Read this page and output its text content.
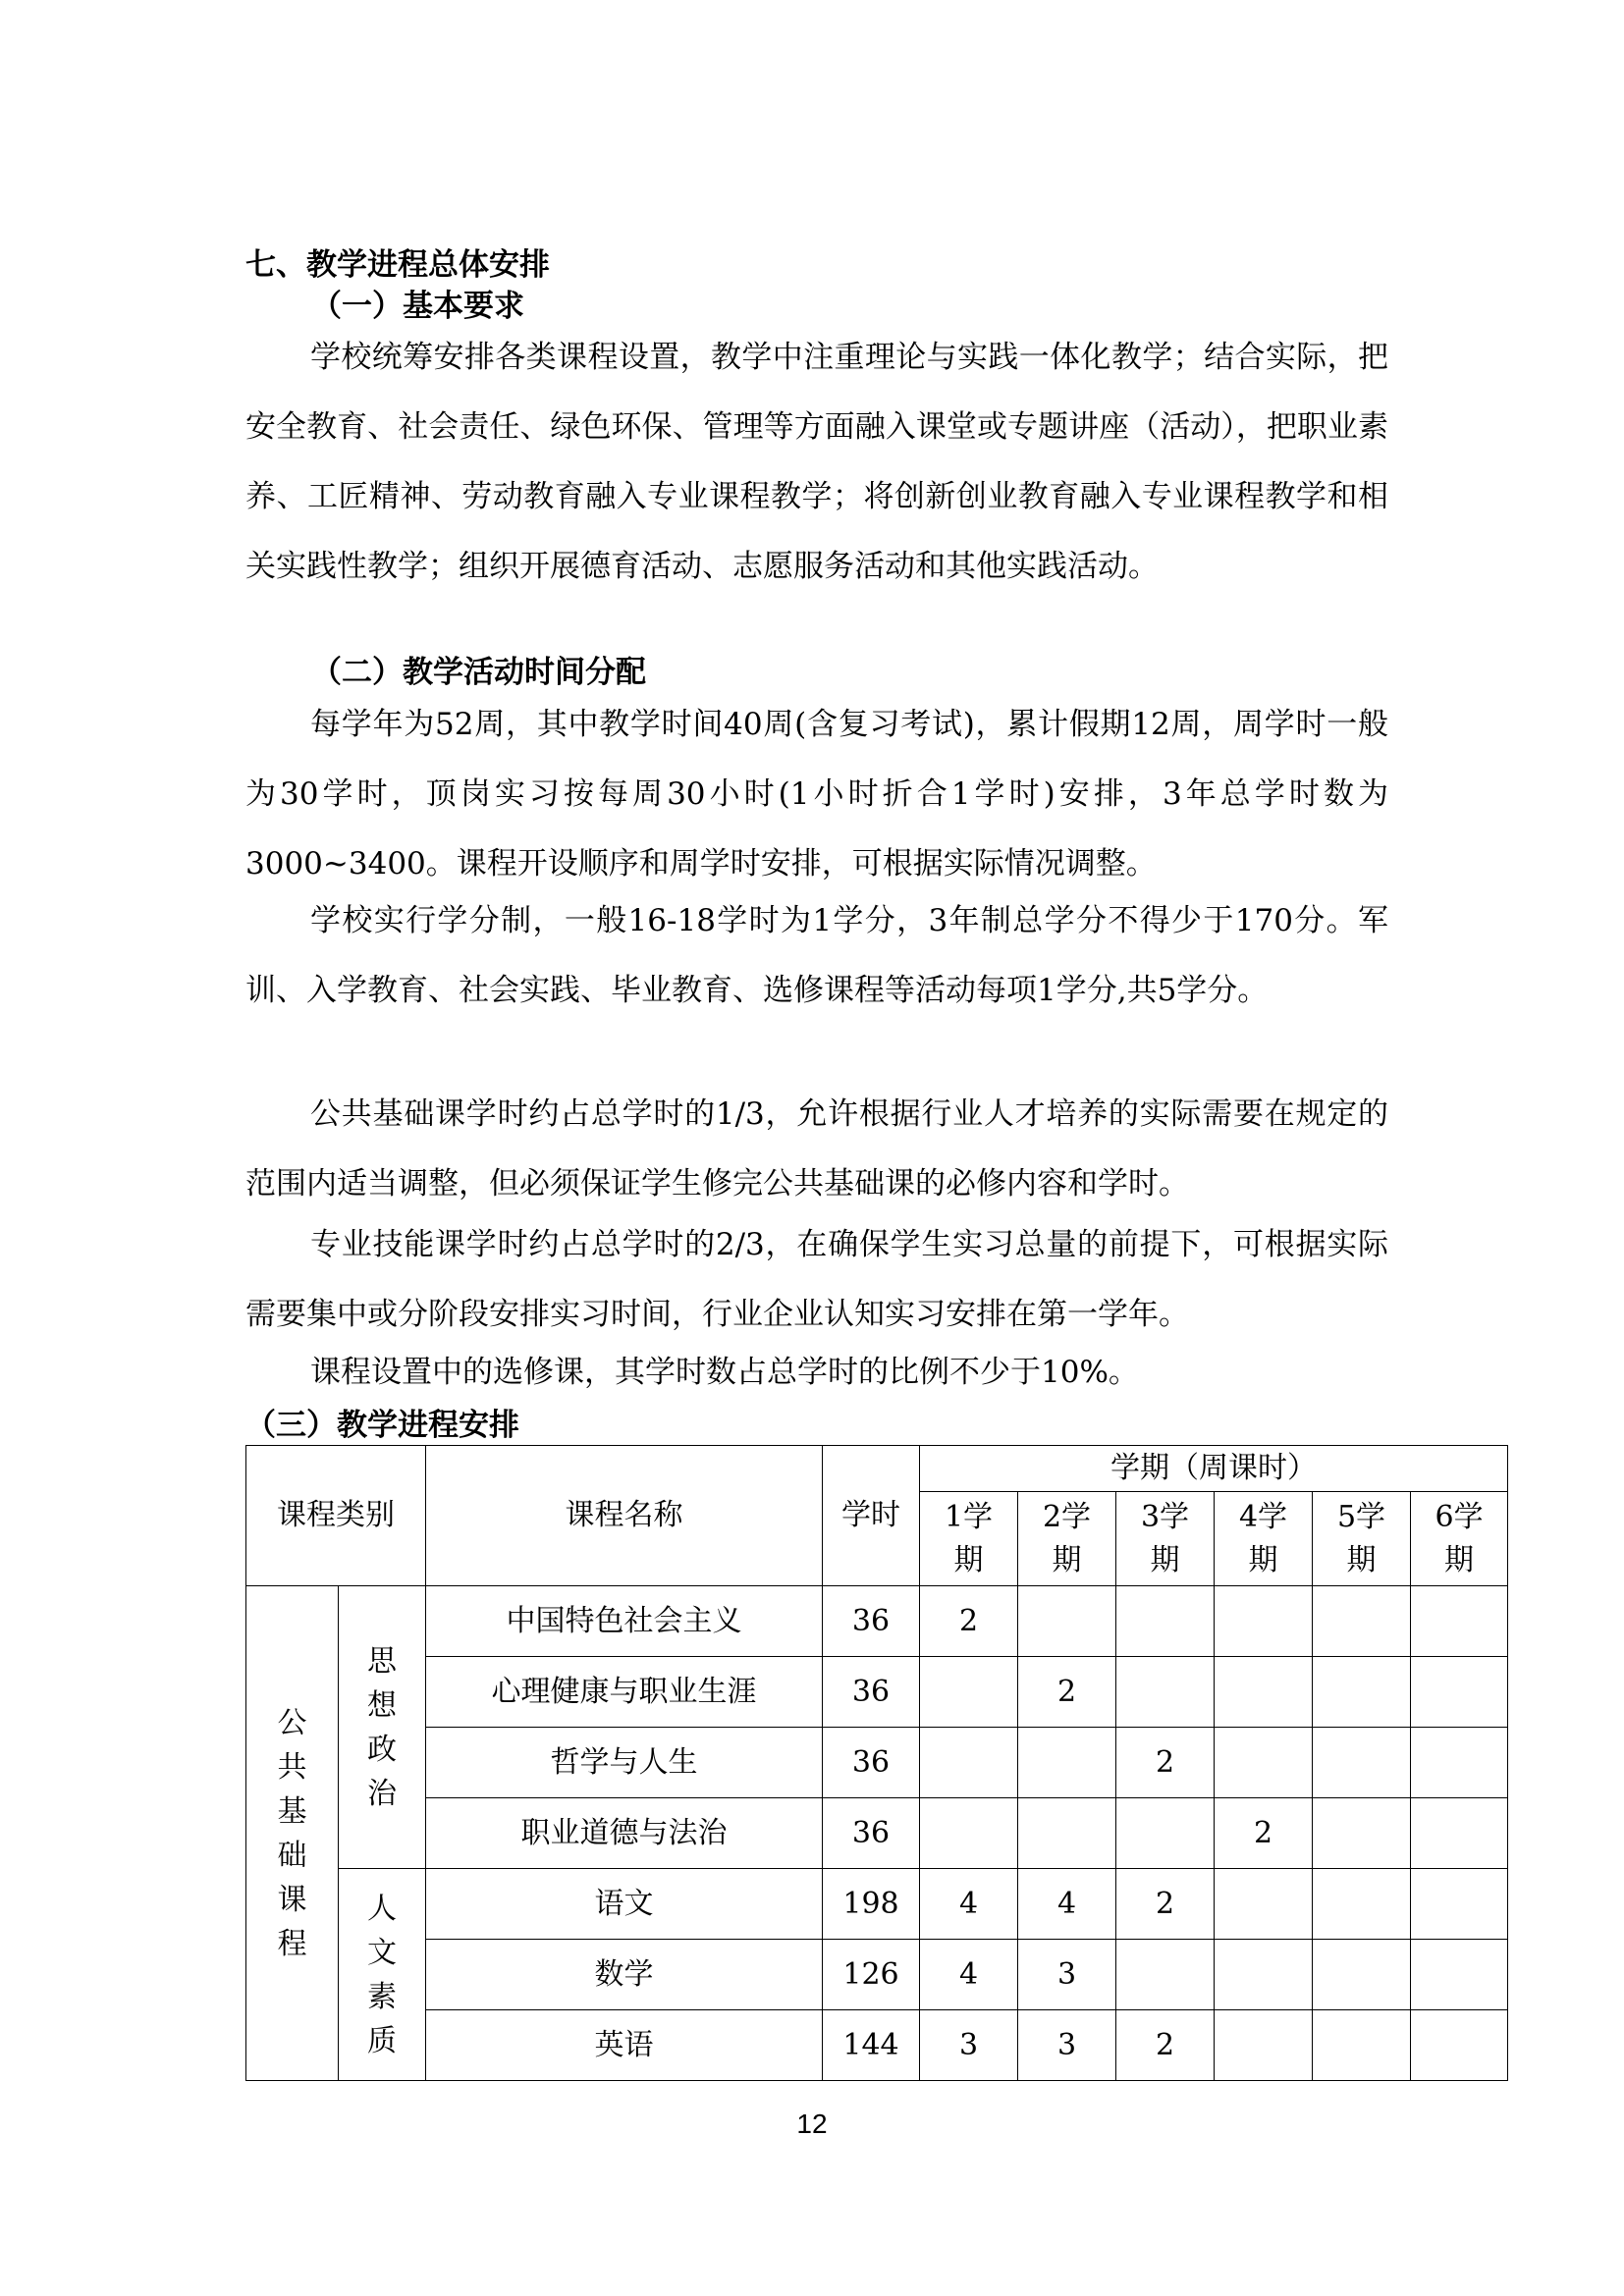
七、教学进程总体安排
（一）基本要求

学校统筹安排各类课程设置，教学中注重理论与实践一体化教学；结合实际，把安全教育、社会责任、绿色环保、管理等方面融入课堂或专题讲座（活动），把职业素养、工匠精神、劳动教育融入专业课程教学；将创新创业教育融入专业课程教学和相关实践性教学；组织开展德育活动、志愿服务活动和其他实践活动。

（二）教学活动时间分配

每学年为52周，其中教学时间40周(含复习考试)，累计假期12周，周学时一般为30学时，顶岗实习按每周30小时(1小时折合1学时)安排，3年总学时数为3000~3400。课程开设顺序和周学时安排，可根据实际情况调整。

学校实行学分制，一般16-18学时为1学分，3年制总学分不得少于170分。军训、入学教育、社会实践、毕业教育、选修课程等活动每项1学分,共5学分。

公共基础课学时约占总学时的1/3，允许根据行业人才培养的实际需要在规定的范围内适当调整，但必须保证学生修完公共基础课的必修内容和学时。

专业技能课学时约占总学时的2/3，在确保学生实习总量的前提下，可根据实际需要集中或分阶段安排实习时间，行业企业认知实习安排在第一学年。

课程设置中的选修课，其学时数占总学时的比例不少于10%。

（三）教学进程安排
课程类别		课程名称	学时	学期（周课时）					
				1学期	2学期	3学期	4学期	5学期	6学期
公共基础课程	思想政治	中国特色社会主义	36	2					
		心理健康与职业生涯	36		2				
		哲学与人生	36			2			
		职业道德与法治	36				2		
	人文素质	语文	198	4	4	2			
		数学	126	4	3				
		英语	144	3	3	2			
12
